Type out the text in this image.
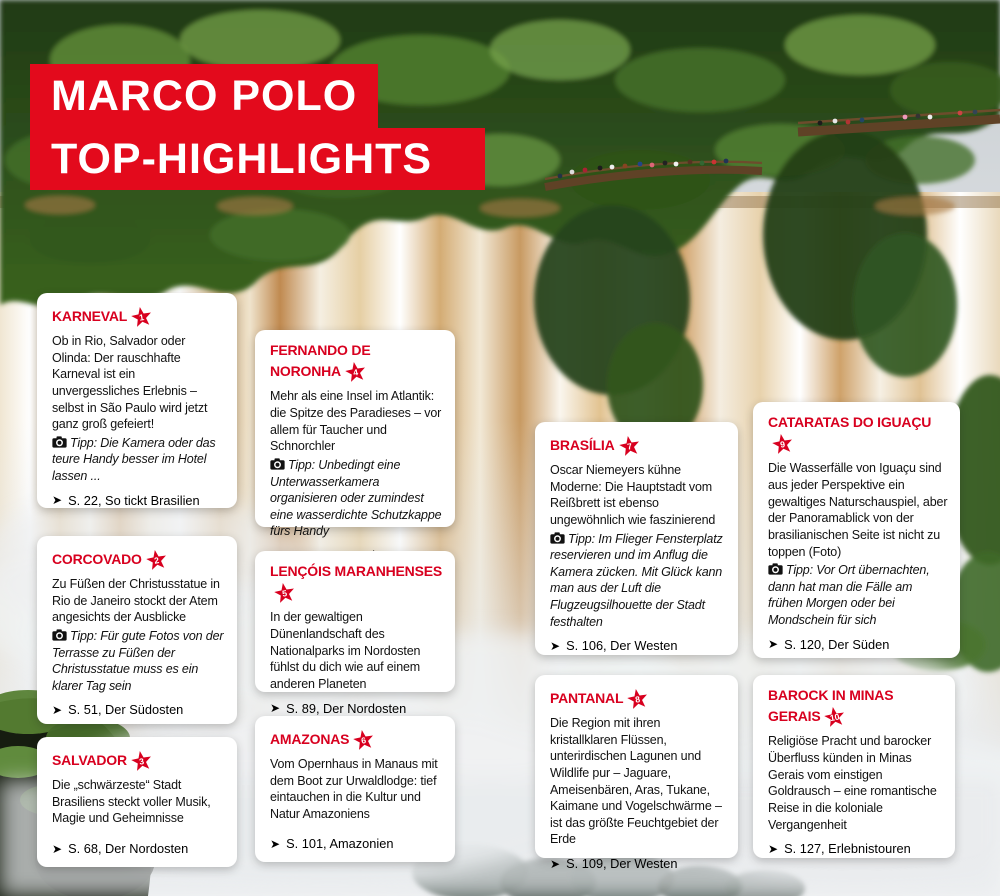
MARCO POLO
TOP-HIGHLIGHTS
KARNEVAL 1

Ob in Rio, Salvador oder Olinda: Der rauschhafte Karneval ist ein unvergessliches Erlebnis – selbst in São Paulo wird jetzt ganz groß gefeiert!

Tipp: Die Kamera oder das teure Handy besser im Hotel lassen ...

➤ S. 22, So tickt Brasilien
CORCOVADO 2

Zu Füßen der Christusstatue in Rio de Janeiro stockt der Atem angesichts der Ausblicke

Tipp: Für gute Fotos von der Terrasse zu Füßen der Christusstatue muss es ein klarer Tag sein

➤ S. 51, Der Südosten
SALVADOR 3

Die „schwärzeste“ Stadt Brasiliens steckt voller Musik, Magie und Geheimnisse

➤ S. 68, Der Nordosten
FERNANDO DE NORONHA 4

Mehr als eine Insel im Atlantik: die Spitze des Paradieses – vor allem für Taucher und Schnorchler

Tipp: Unbedingt eine Unterwasserkamera organisieren oder zumindest eine wasserdichte Schutzkappe fürs Handy

LENÇÓIS MARANHENSES
5

In der gewaltigen Dünenlandschaft des Nationalparks im Nordosten fühlst du dich wie auf einem anderen Planeten

➤ S. 89, Der Nordosten
AMAZONAS 6

Vom Opernhaus in Manaus mit dem Boot zur Urwaldlodge: tief eintauchen in die Kultur und Natur Amazoniens

➤ S. 101, Amazonien
BRASÍLIA 7

Oscar Niemeyers kühne Moderne: Die Hauptstadt vom Reißbrett ist ebenso ungewöhnlich wie faszinierend

Tipp: Im Flieger Fensterplatz reservieren und im Anflug die Kamera zücken. Mit Glück kann man aus der Luft die Flugzeugsilhouette der Stadt festhalten

➤ S. 106, Der Westen
PANTANAL 8

Die Region mit ihren kristallklaren Flüssen, unterirdischen Lagunen und Wildlife pur – Jaguare, Ameisenbären, Aras, Tukane, Kaimane und Vogelschwärme – ist das größte Feuchtgebiet der Erde

➤ S. 109, Der Westen
CATARATAS DO IGUAÇU
9

Die Wasserfälle von Iguaçu sind aus jeder Perspektive ein gewaltiges Naturschauspiel, aber der Panoramablick von der brasilianischen Seite ist nicht zu toppen (Foto)

Tipp: Vor Ort übernachten, dann hat man die Fälle am frühen Morgen oder bei Mondschein für sich

➤ S. 120, Der Süden
BAROCK IN MINAS GERAIS 10

Religiöse Pracht und barocker Überfluss künden in Minas Gerais vom einstigen Goldrausch – eine romantische Reise in die koloniale Vergangenheit

➤ S. 127, Erlebnistouren
